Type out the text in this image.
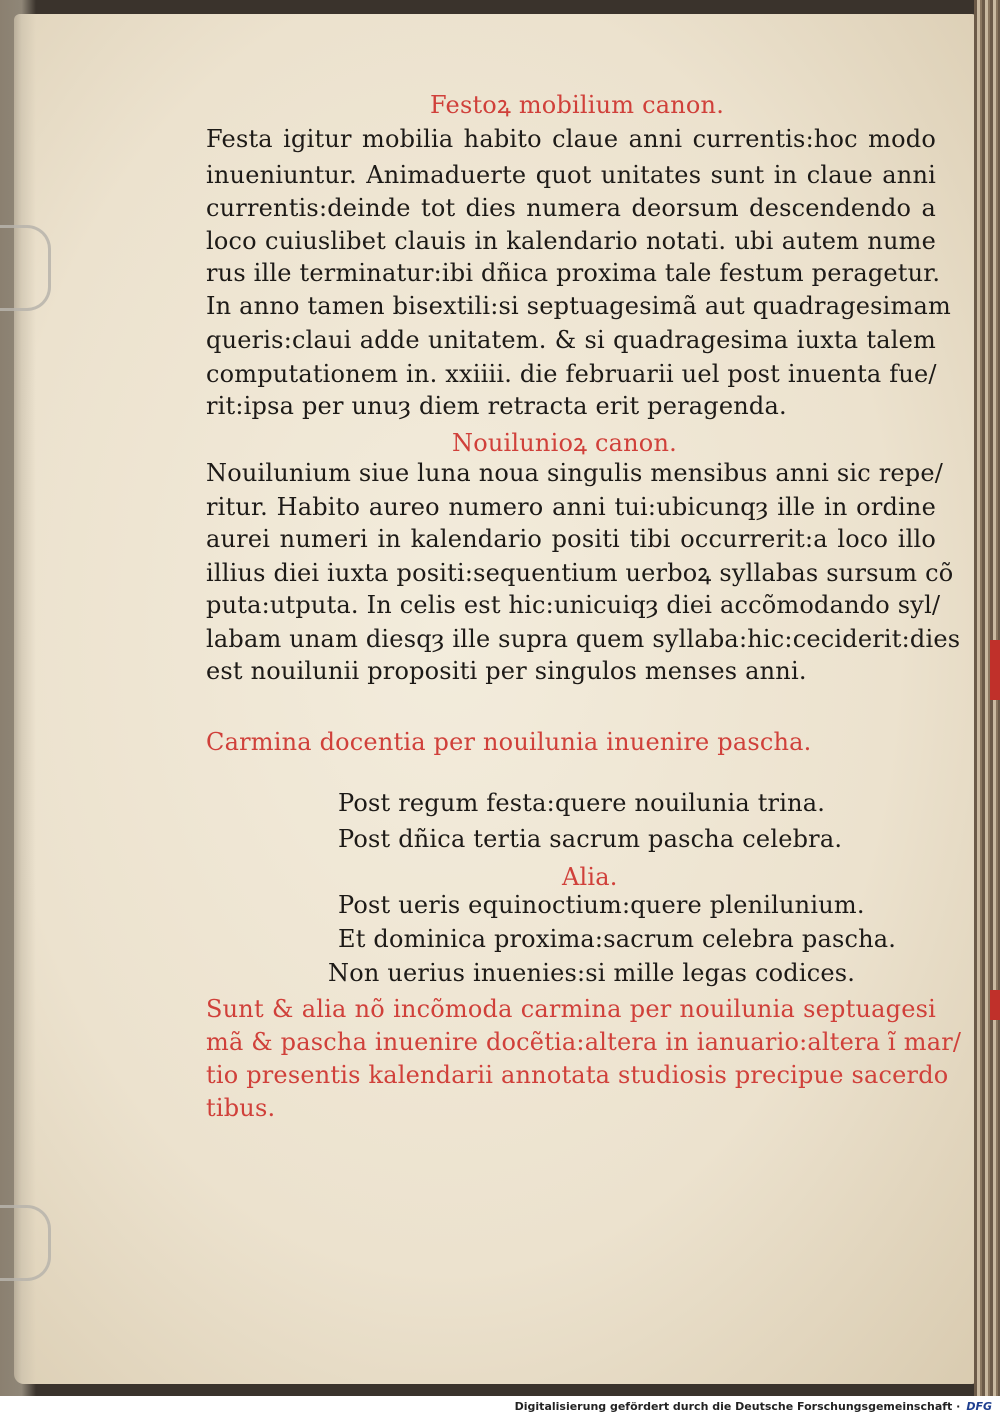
Festoꝝ mobilium canon.
Festa igitur mobilia habito claue anni currentis:hoc modo
inueniuntur. Animaduerte quot unitates sunt in claue anni
currentis:deinde tot dies numera deorsum descendendo a
loco cuiuslibet clauis in kalendario notati. ubi autem nume
rus ille terminatur:ibi dñica proxima tale festum peragetur.
In anno tamen bisextili:si septuagesimã aut quadragesimam
queris:claui adde unitatem. & si quadragesima iuxta talem
computationem in. xxiiii. die februarii uel post inuenta fue/
rit:ipsa per unuȝ diem retracta erit peragenda.
Nouilunioꝝ canon.
Nouilunium siue luna noua singulis mensibus anni sic repe/
ritur. Habito aureo numero anni tui:ubicunqȝ ille in ordine
aurei numeri in kalendario positi tibi occurrerit:a loco illo
illius diei iuxta positi:sequentium uerboꝝ syllabas sursum cõ
puta:utputa. In celis est hic:unicuiqȝ diei accõmodando syl/
labam unam diesqȝ ille supra quem syllaba:hic:ceciderit:dies
est nouilunii propositi per singulos menses anni.
Carmina docentia per nouilunia inuenire pascha.
Post regum festa:quere nouilunia trina.
Post dñica tertia sacrum pascha celebra.
Alia.
Post ueris equinoctium:quere plenilunium.
Et dominica proxima:sacrum celebra pascha.
Non uerius inuenies:si mille legas codices.
Sunt & alia nõ incõmoda carmina per nouilunia septuagesi
mã & pascha inuenire docẽtia:altera in ianuario:altera ĩ mar/
tio presentis kalendarii annotata studiosis precipue sacerdo
tibus.
Digitalisierung gefördert durch die Deutsche Forschungsgemeinschaft · DFG
